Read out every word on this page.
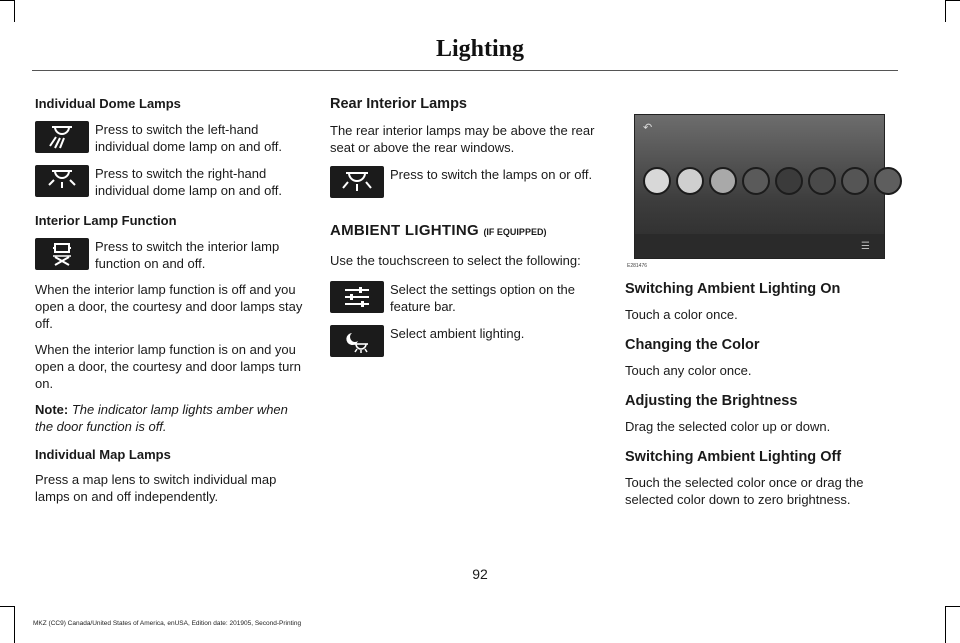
Lighting
Individual Dome Lamps
Press to switch the left-hand individual dome lamp on and off.
Press to switch the right-hand individual dome lamp on and off.
Interior Lamp Function
Press to switch the interior lamp function on and off.
When the interior lamp function is off and you open a door, the courtesy and door lamps stay off.
When the interior lamp function is on and you open a door, the courtesy and door lamps turn on.
Note: The indicator lamp lights amber when the door function is off.
Individual Map Lamps
Press a map lens to switch individual map lamps on and off independently.
Rear Interior Lamps
The rear interior lamps may be above the rear seat or above the rear windows.
Press to switch the lamps on or off.
AMBIENT LIGHTING (IF EQUIPPED)
Use the touchscreen to select the following:
Select the settings option on the feature bar.
Select ambient lighting.
↶
☰
E281476
Switching Ambient Lighting On
Touch a color once.
Changing the Color
Touch any color once.
Adjusting the Brightness
Drag the selected color up or down.
Switching Ambient Lighting Off
Touch the selected color once or drag the selected color down to zero brightness.
92
MKZ (CC9) Canada/United States of America, enUSA, Edition date: 201905, Second-Printing
